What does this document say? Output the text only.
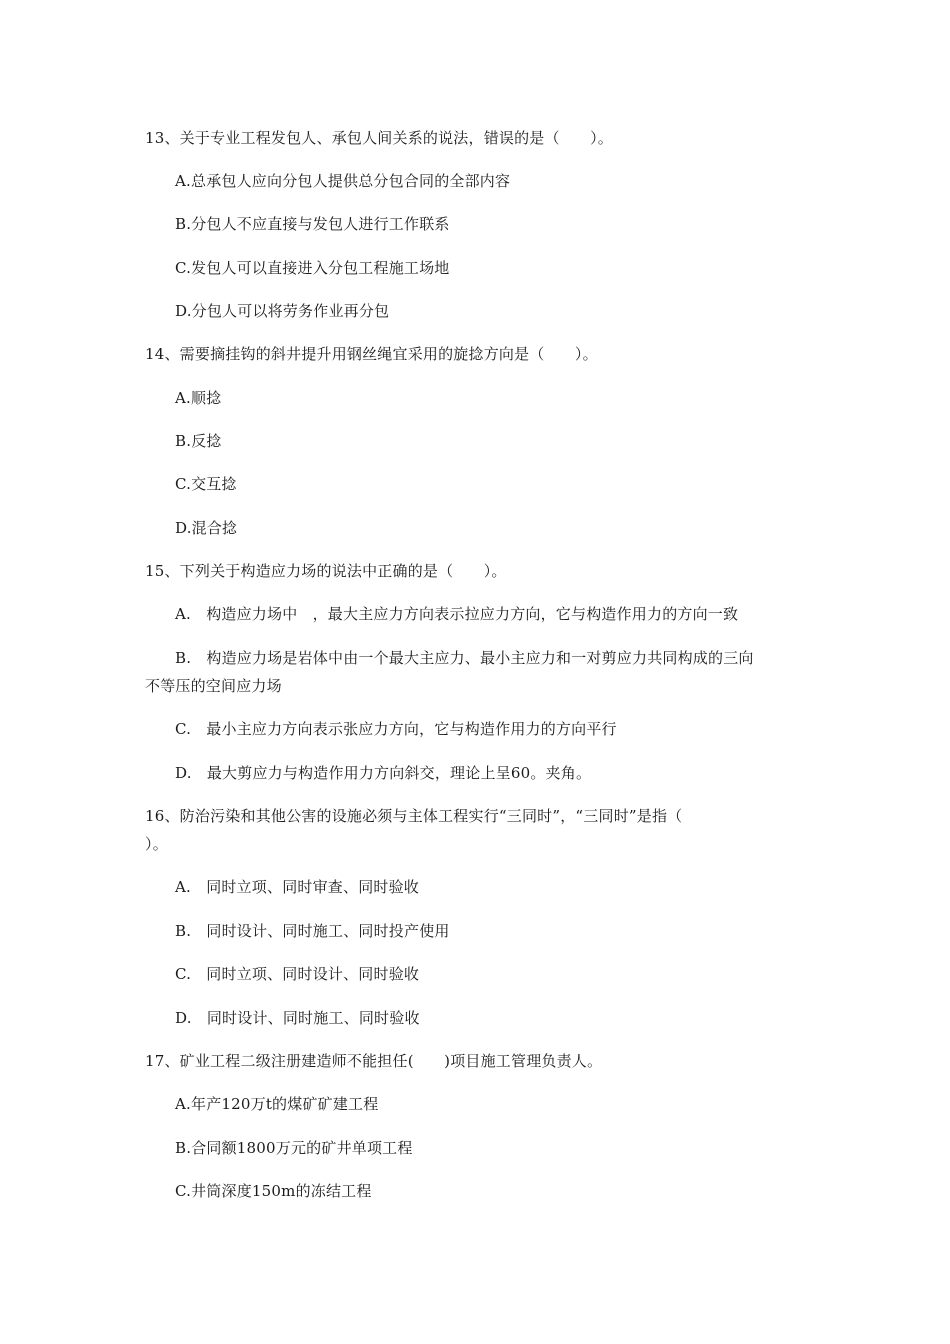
13、关于专业工程发包人、承包人间关系的说法，错误的是（　　）。
A.总承包人应向分包人提供总分包合同的全部内容
B.分包人不应直接与发包人进行工作联系
C.发包人可以直接进入分包工程施工场地
D.分包人可以将劳务作业再分包
14、需要摘挂钩的斜井提升用钢丝绳宜采用的旋捻方向是（　　）。
A.顺捻
B.反捻
C.交互捻
D.混合捻
15、下列关于构造应力场的说法中正确的是（　　）。
A.　构造应力场中　，最大主应力方向表示拉应力方向，它与构造作用力的方向一致
B.　构造应力场是岩体中由一个最大主应力、最小主应力和一对剪应力共同构成的三向
不等压的空间应力场
C.　最小主应力方向表示张应力方向，它与构造作用力的方向平行
D.　最大剪应力与构造作用力方向斜交，理论上呈60。夹角。
16、防治污染和其他公害的设施必须与主体工程实行“三同时”，“三同时”是指（
）。
A.　同时立项、同时审查、同时验收
B.　同时设计、同时施工、同时投产使用
C.　同时立项、同时设计、同时验收
D.　同时设计、同时施工、同时验收
17、矿业工程二级注册建造师不能担任(　　)项目施工管理负责人。
A.年产120万t的煤矿矿建工程
B.合同额1800万元的矿井单项工程
C.井筒深度150m的冻结工程
